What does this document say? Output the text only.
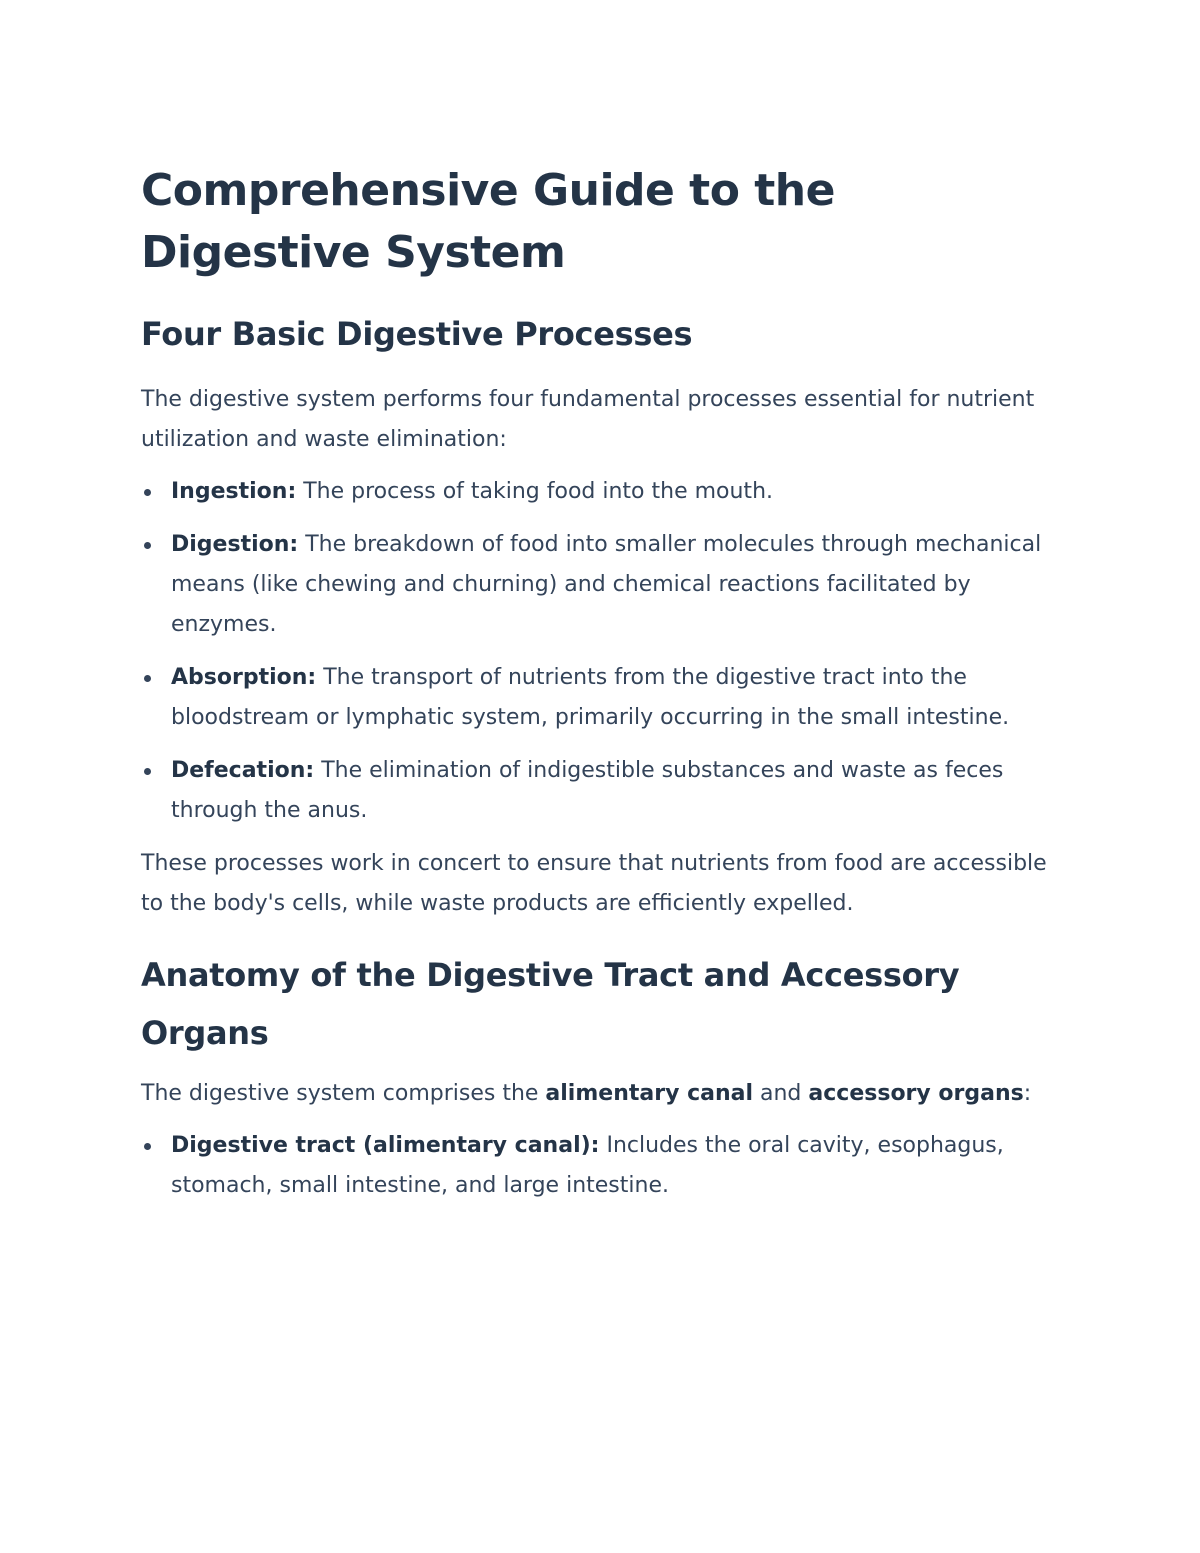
Comprehensive Guide to the Digestive System
Four Basic Digestive Processes

The digestive system performs four fundamental processes essential for nutrient utilization and waste elimination:

Ingestion: The process of taking food into the mouth.
Digestion: The breakdown of food into smaller molecules through mechanical means (like chewing and churning) and chemical reactions facilitated by enzymes.
Absorption: The transport of nutrients from the digestive tract into the bloodstream or lymphatic system, primarily occurring in the small intestine.
Defecation: The elimination of indigestible substances and waste as feces through the anus.

These processes work in concert to ensure that nutrients from food are accessible to the body's cells, while waste products are efficiently expelled.

Anatomy of the Digestive Tract and Accessory Organs

The digestive system comprises the alimentary canal and accessory organs:

Digestive tract (alimentary canal): Includes the oral cavity, esophagus, stomach, small intestine, and large intestine.
